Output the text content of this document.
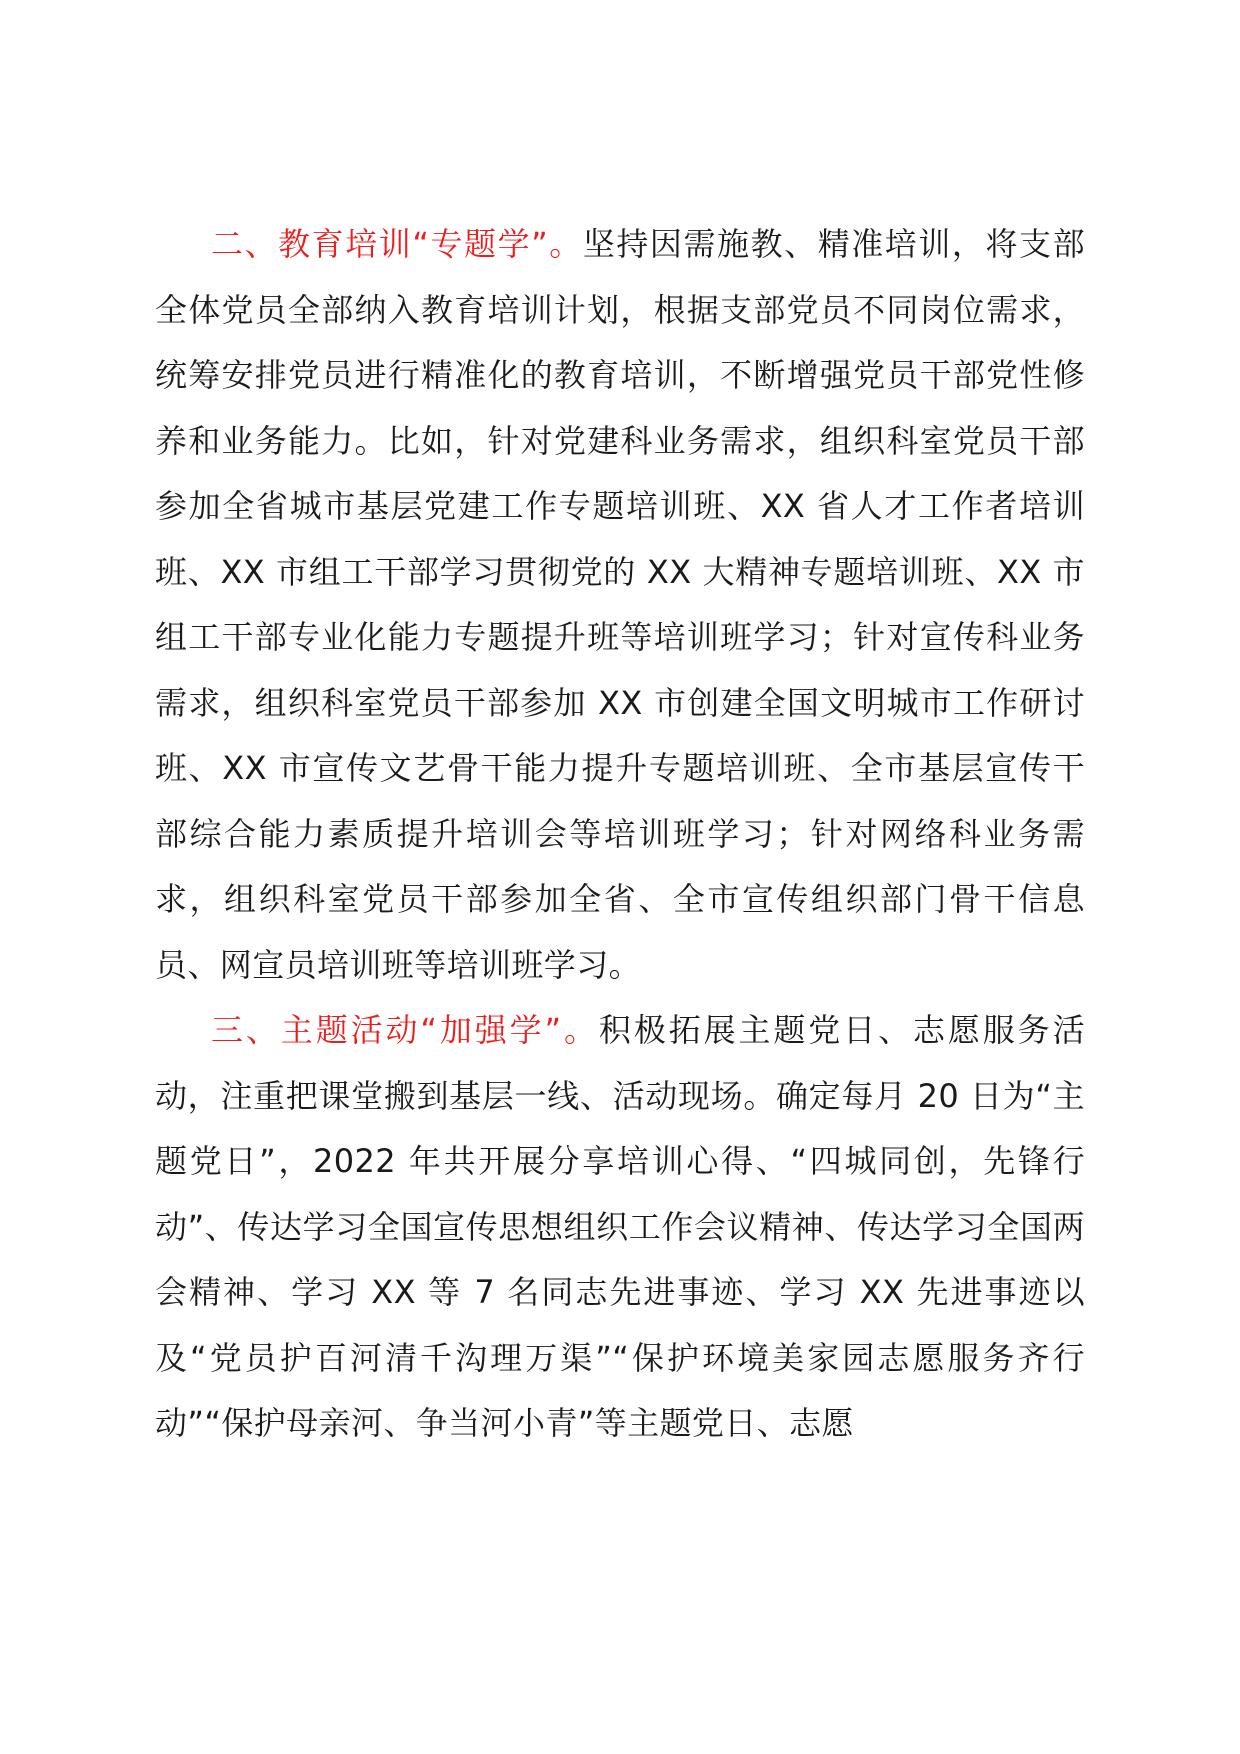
二、教育培训“专题学”。坚持因需施教、精准培训，将支部全体党员全部纳入教育培训计划，根据支部党员不同岗位需求，统筹安排党员进行精准化的教育培训，不断增强党员干部党性修养和业务能力。比如，针对党建科业务需求，组织科室党员干部参加全省城市基层党建工作专题培训班、XX 省人才工作者培训班、XX 市组工干部学习贯彻党的 XX 大精神专题培训班、XX 市组工干部专业化能力专题提升班等培训班学习；针对宣传科业务需求，组织科室党员干部参加 XX 市创建全国文明城市工作研讨班、XX 市宣传文艺骨干能力提升专题培训班、全市基层宣传干部综合能力素质提升培训会等培训班学习；针对网络科业务需求，组织科室党员干部参加全省、全市宣传组织部门骨干信息员、网宣员培训班等培训班学习。

三、主题活动“加强学”。积极拓展主题党日、志愿服务活动，注重把课堂搬到基层一线、活动现场。确定每月 20 日为“主题党日”，2022 年共开展分享培训心得、“四城同创，先锋行动”、传达学习全国宣传思想组织工作会议精神、传达学习全国两会精神、学习 XX 等 7 名同志先进事迹、学习 XX 先进事迹以及“党员护百河清千沟理万渠”“保护环境美家园志愿服务齐行动”“保护母亲河、争当河小青”等主题党日、志愿
